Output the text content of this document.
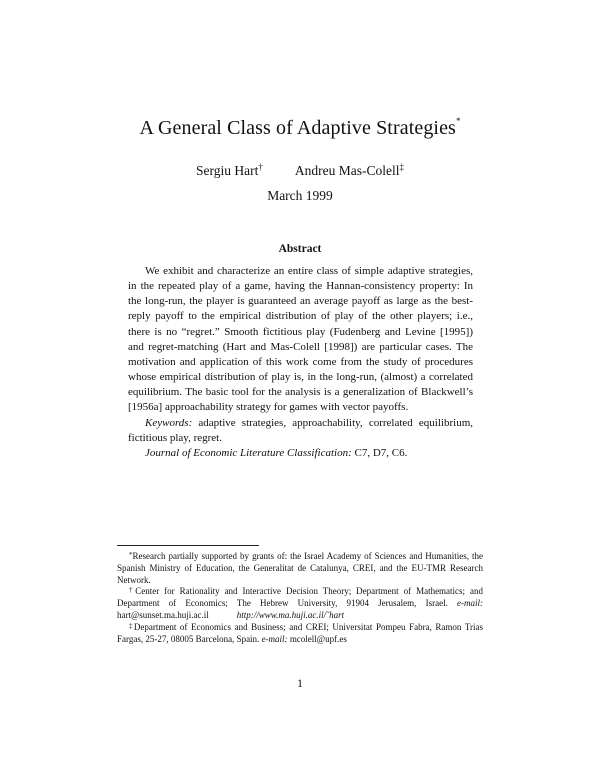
A General Class of Adaptive Strategies*
Sergiu Hart† Andreu Mas-Colell‡
March 1999
Abstract

We exhibit and characterize an entire class of simple adaptive strategies, in the repeated play of a game, having the Hannan-consistency property: In the long-run, the player is guaranteed an average payoff as large as the best-reply payoff to the empirical distribution of play of the other players; i.e., there is no “regret.” Smooth fictitious play (Fudenberg and Levine [1995]) and regret-matching (Hart and Mas-Colell [1998]) are particular cases. The motivation and application of this work come from the study of procedures whose empirical distribution of play is, in the long-run, (almost) a correlated equilibrium. The basic tool for the analysis is a generalization of Blackwell’s [1956a] approachability strategy for games with vector payoffs.

Keywords: adaptive strategies, approachability, correlated equilibrium, fictitious play, regret.

Journal of Economic Literature Classification: C7, D7, C6.

*Research partially supported by grants of: the Israel Academy of Sciences and Humanities, the Spanish Ministry of Education, the Generalitat de Catalunya, CREI, and the EU-TMR Research Network.

†Center for Rationality and Interactive Decision Theory; Department of Mathematics; and Department of Economics; The Hebrew University, 91904 Jerusalem, Israel. e-mail: hart@sunset.ma.huji.ac.il	http://www.ma.huji.ac.il/˜hart

‡Department of Economics and Business; and CREI; Universitat Pompeu Fabra, Ramon Trias Fargas, 25-27, 08005 Barcelona, Spain. e-mail: mcolell@upf.es

1
